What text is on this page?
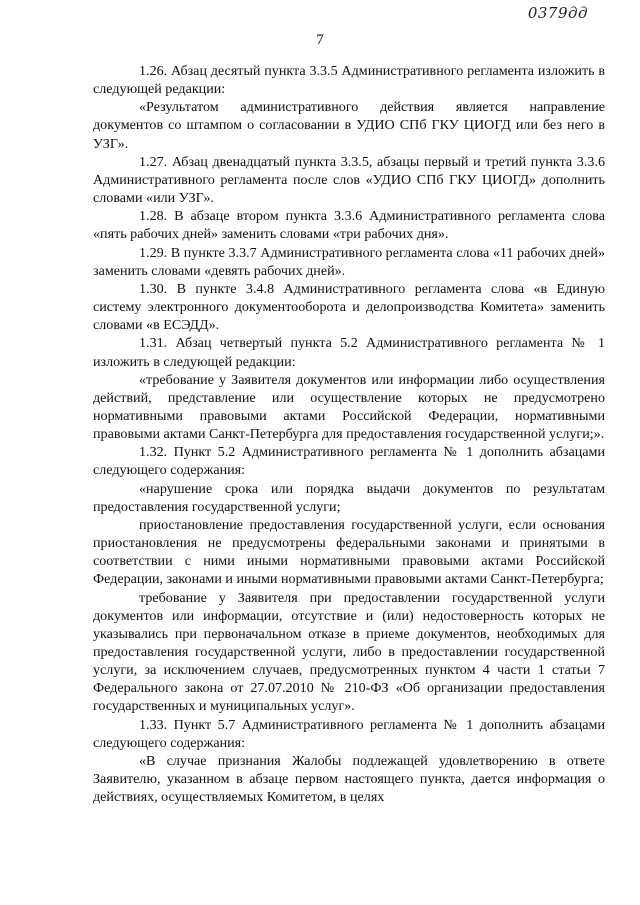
0379дд
7

1.26. Абзац десятый пункта 3.3.5 Административного регламента изложить в следующей редакции:

«Результатом административного действия является направление документов со штампом о согласовании в УДИО СПб ГКУ ЦИОГД или без него в УЗГ».

1.27. Абзац двенадцатый пункта 3.3.5, абзацы первый и третий пункта 3.3.6 Административного регламента после слов «УДИО СПб ГКУ ЦИОГД» дополнить словами «или УЗГ».

1.28. В абзаце втором пункта 3.3.6 Административного регламента слова «пять рабочих дней» заменить словами «три рабочих дня».

1.29. В пункте 3.3.7 Административного регламента слова «11 рабочих дней» заменить словами «девять рабочих дней».

1.30. В пункте 3.4.8 Административного регламента слова «в Единую систему электронного документооборота и делопроизводства Комитета» заменить словами «в ЕСЭДД».

1.31. Абзац четвертый пункта 5.2 Административного регламента № 1 изложить в следующей редакции:

«требование у Заявителя документов или информации либо осуществления действий, представление или осуществление которых не предусмотрено нормативными правовыми актами Российской Федерации, нормативными правовыми актами Санкт-Петербурга для предоставления государственной услуги;».

1.32. Пункт 5.2 Административного регламента № 1 дополнить абзацами следующего содержания:

«нарушение срока или порядка выдачи документов по результатам предоставления государственной услуги;

приостановление предоставления государственной услуги, если основания приостановления не предусмотрены федеральными законами и принятыми в соответствии с ними иными нормативными правовыми актами Российской Федерации, законами и иными нормативными правовыми актами Санкт-Петербурга;

требование у Заявителя при предоставлении государственной услуги документов или информации, отсутствие и (или) недостоверность которых не указывались при первоначальном отказе в приеме документов, необходимых для предоставления государственной услуги, либо в предоставлении государственной услуги, за исключением случаев, предусмотренных пунктом 4 части 1 статьи 7 Федерального закона от 27.07.2010 № 210-ФЗ «Об организации предоставления государственных и муниципальных услуг».

1.33. Пункт 5.7 Административного регламента № 1 дополнить абзацами следующего содержания:

«В случае признания Жалобы подлежащей удовлетворению в ответе Заявителю, указанном в абзаце первом настоящего пункта, дается информация о действиях, осуществляемых Комитетом, в целях
